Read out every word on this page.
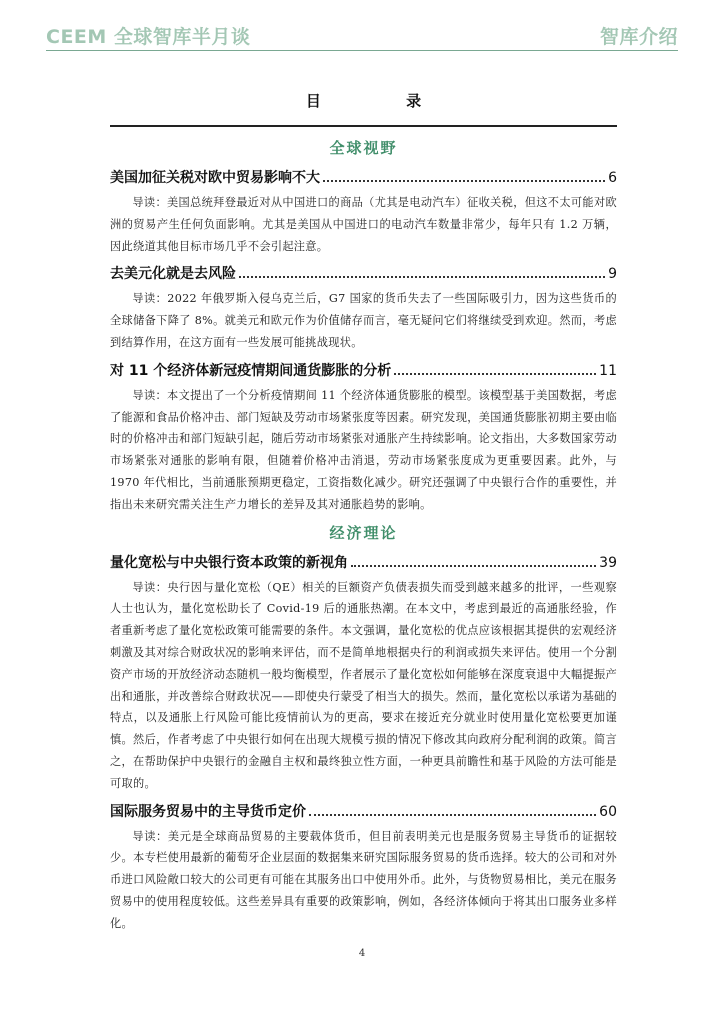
CEEM 全球智库半月谈	智库介绍
目 录
全球视野
美国加征关税对欧中贸易影响不大	6
导读：美国总统拜登最近对从中国进口的商品（尤其是电动汽车）征收关税，但这不太可能对欧洲的贸易产生任何负面影响。尤其是美国从中国进口的电动汽车数量非常少，每年只有 1.2 万辆，因此绕道其他目标市场几乎不会引起注意。
去美元化就是去风险	9
导读：2022 年俄罗斯入侵乌克兰后，G7 国家的货币失去了一些国际吸引力，因为这些货币的全球储备下降了 8%。就美元和欧元作为价值储存而言，毫无疑问它们将继续受到欢迎。然而，考虑到结算作用，在这方面有一些发展可能挑战现状。
对 11 个经济体新冠疫情期间通货膨胀的分析	11
导读：本文提出了一个分析疫情期间 11 个经济体通货膨胀的模型。该模型基于美国数据，考虑了能源和食品价格冲击、部门短缺及劳动市场紧张度等因素。研究发现，美国通货膨胀初期主要由临时的价格冲击和部门短缺引起，随后劳动市场紧张对通胀产生持续影响。论文指出，大多数国家劳动市场紧张对通胀的影响有限，但随着价格冲击消退，劳动市场紧张度成为更重要因素。此外，与 1970 年代相比，当前通胀预期更稳定，工资指数化减少。研究还强调了中央银行合作的重要性，并指出未来研究需关注生产力增长的差异及其对通胀趋势的影响。
经济理论
量化宽松与中央银行资本政策的新视角	39
导读：央行因与量化宽松（QE）相关的巨额资产负债表损失而受到越来越多的批评，一些观察人士也认为，量化宽松助长了 Covid-19 后的通胀热潮。在本文中，考虑到最近的高通胀经验，作者重新考虑了量化宽松政策可能需要的条件。本文强调，量化宽松的优点应该根据其提供的宏观经济刺激及其对综合财政状况的影响来评估，而不是简单地根据央行的利润或损失来评估。使用一个分割资产市场的开放经济动态随机一般均衡模型，作者展示了量化宽松如何能够在深度衰退中大幅提振产出和通胀，并改善综合财政状况——即使央行蒙受了相当大的损失。然而，量化宽松以承诺为基础的特点，以及通胀上行风险可能比疫情前认为的更高，要求在接近充分就业时使用量化宽松要更加谨慎。然后，作者考虑了中央银行如何在出现大规模亏损的情况下修改其向政府分配利润的政策。简言之，在帮助保护中央银行的金融自主权和最终独立性方面，一种更具前瞻性和基于风险的方法可能是可取的。
国际服务贸易中的主导货币定价	60
导读：美元是全球商品贸易的主要载体货币，但目前表明美元也是服务贸易主导货币的证据较少。本专栏使用最新的葡萄牙企业层面的数据集来研究国际服务贸易的货币选择。较大的公司和对外币进口风险敞口较大的公司更有可能在其服务出口中使用外币。此外，与货物贸易相比，美元在服务贸易中的使用程度较低。这些差异具有重要的政策影响，例如，各经济体倾向于将其出口服务业多样化。
4
